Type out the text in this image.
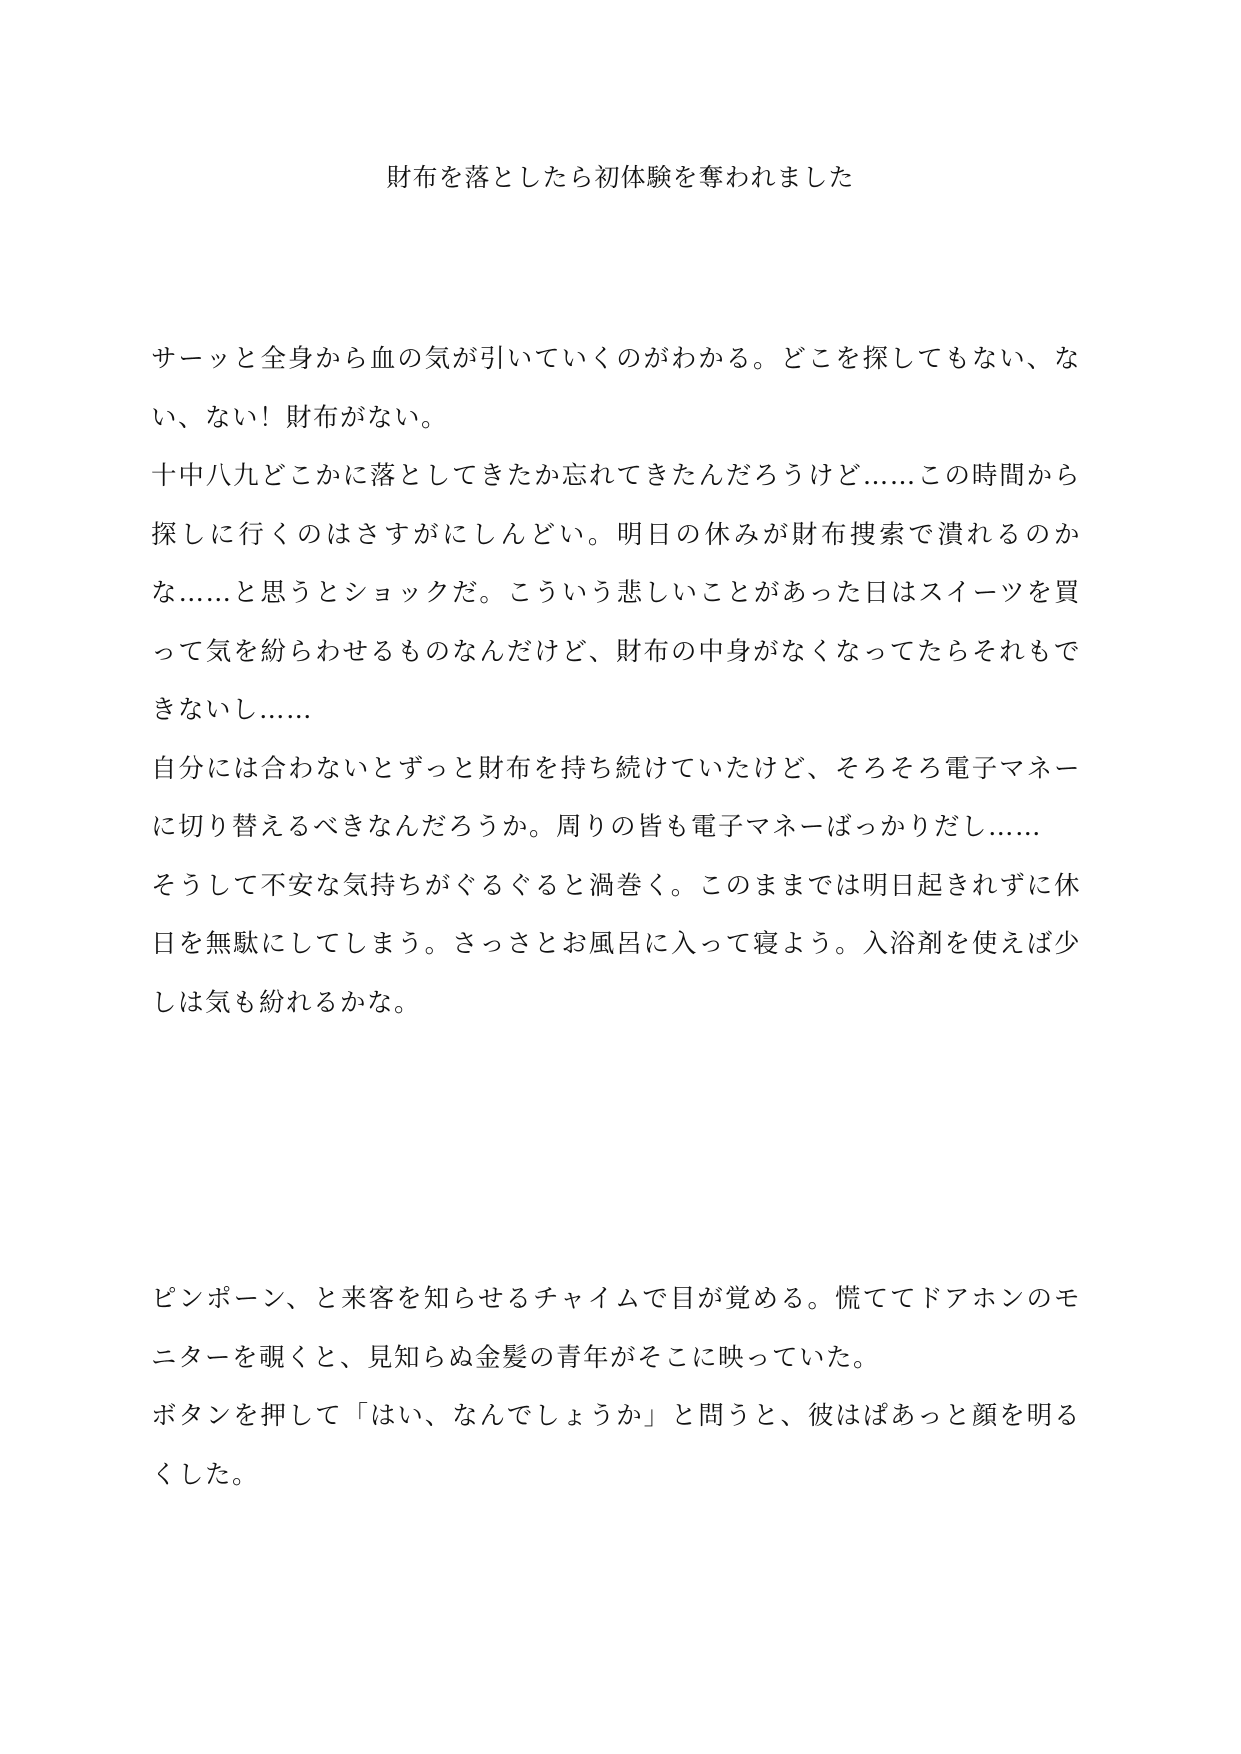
財布を落としたら初体験を奪われました

サーッと全身から血の気が引いていくのがわかる。どこを探してもない、ない、ない！財布がない。

十中八九どこかに落としてきたか忘れてきたんだろうけど……この時間から探しに行くのはさすがにしんどい。明日の休みが財布捜索で潰れるのかな……と思うとショックだ。こういう悲しいことがあった日はスイーツを買って気を紛らわせるものなんだけど、財布の中身がなくなってたらそれもできないし……

自分には合わないとずっと財布を持ち続けていたけど、そろそろ電子マネーに切り替えるべきなんだろうか。周りの皆も電子マネーばっかりだし……

そうして不安な気持ちがぐるぐると渦巻く。このままでは明日起きれずに休日を無駄にしてしまう。さっさとお風呂に入って寝よう。入浴剤を使えば少しは気も紛れるかな。

ピンポーン、と来客を知らせるチャイムで目が覚める。慌ててドアホンのモニターを覗くと、見知らぬ金髪の青年がそこに映っていた。

ボタンを押して「はい、なんでしょうか」と問うと、彼はぱあっと顔を明るくした。
